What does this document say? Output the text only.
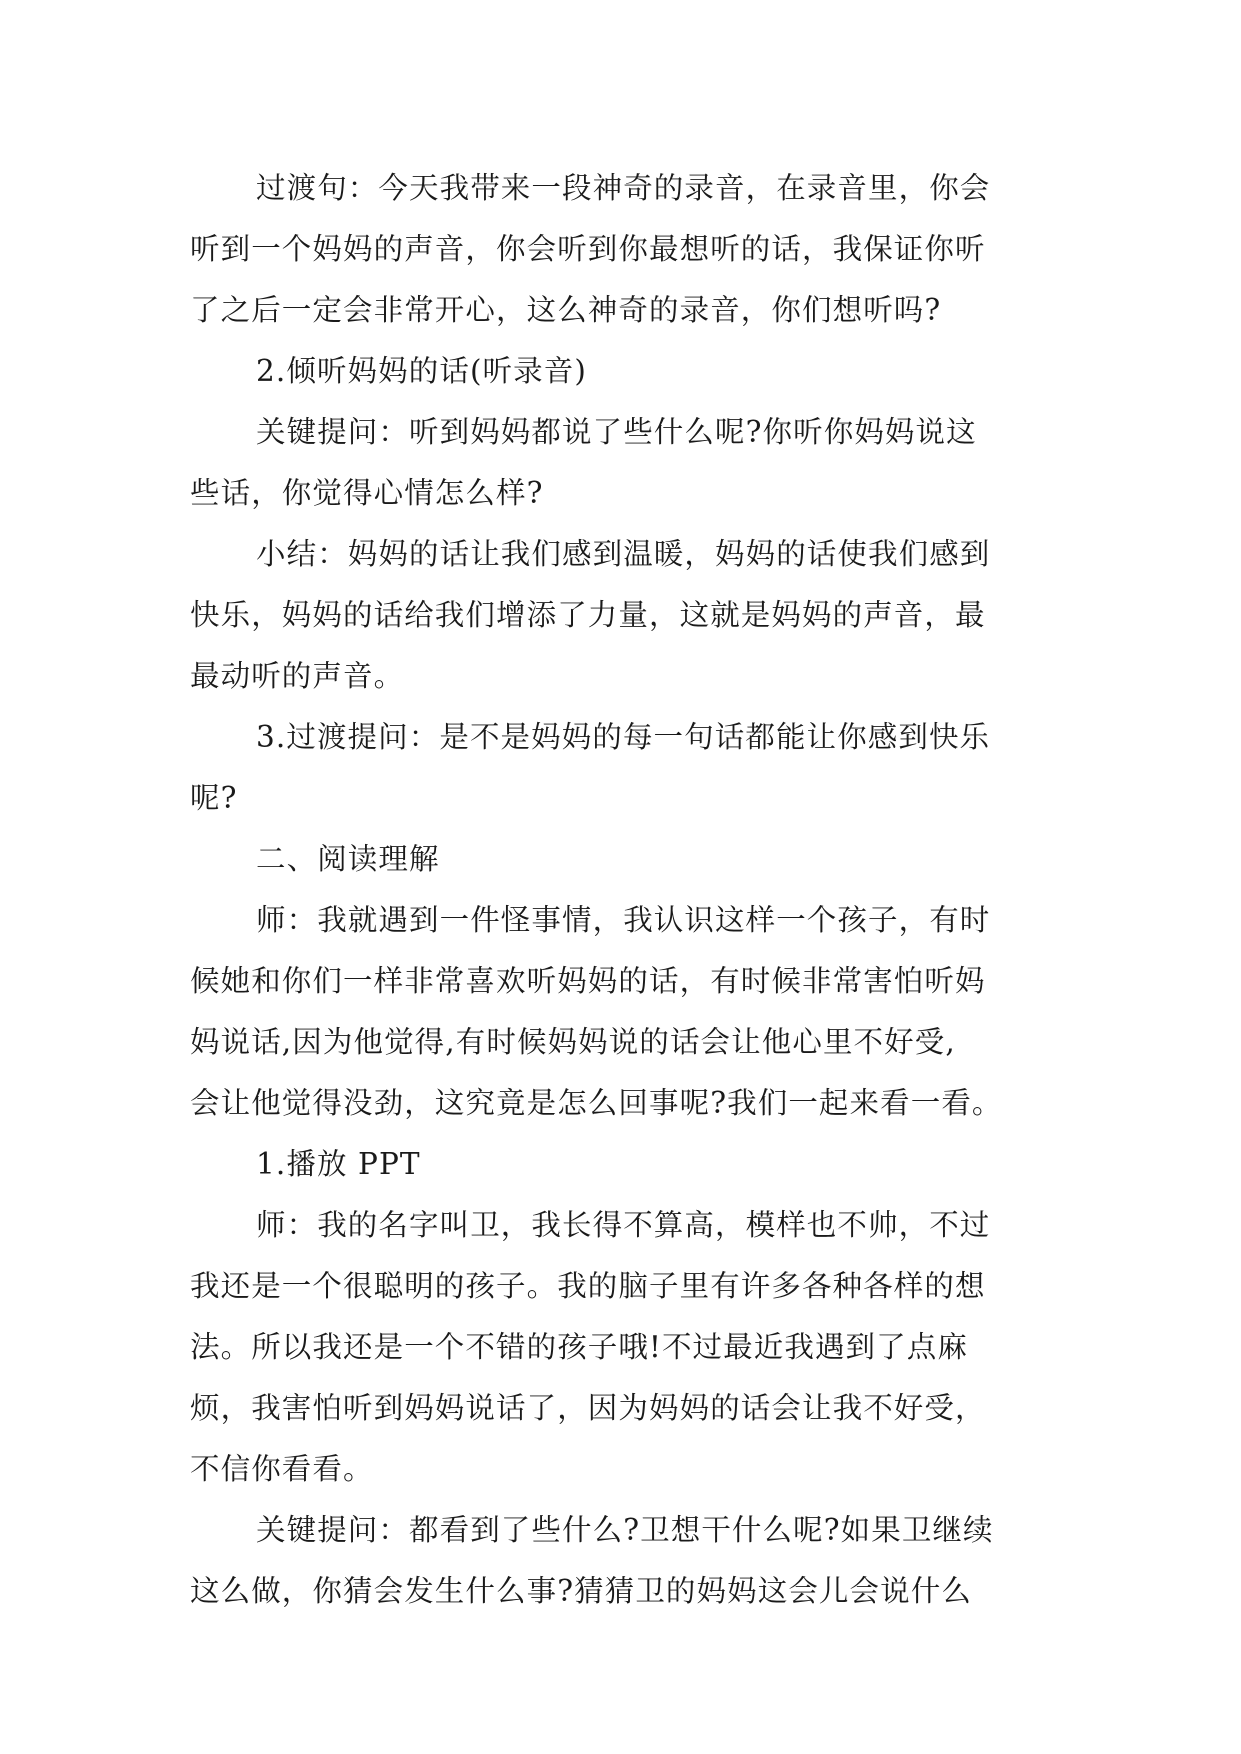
过渡句：今天我带来一段神奇的录音，在录音里，你会
听到一个妈妈的声音，你会听到你最想听的话，我保证你听
了之后一定会非常开心，这么神奇的录音，你们想听吗?
2.倾听妈妈的话(听录音)
关键提问：听到妈妈都说了些什么呢?你听你妈妈说这
些话，你觉得心情怎么样?
小结：妈妈的话让我们感到温暖，妈妈的话使我们感到
快乐，妈妈的话给我们增添了力量，这就是妈妈的声音，最
最动听的声音。
3.过渡提问：是不是妈妈的每一句话都能让你感到快乐
呢?
二、阅读理解
师：我就遇到一件怪事情，我认识这样一个孩子，有时
候她和你们一样非常喜欢听妈妈的话，有时候非常害怕听妈
妈说话,因为他觉得,有时候妈妈说的话会让他心里不好受,
会让他觉得没劲，这究竟是怎么回事呢?我们一起来看一看。
1.播放 PPT
师：我的名字叫卫，我长得不算高，模样也不帅，不过
我还是一个很聪明的孩子。我的脑子里有许多各种各样的想
法。所以我还是一个不错的孩子哦!不过最近我遇到了点麻
烦，我害怕听到妈妈说话了，因为妈妈的话会让我不好受，
不信你看看。
关键提问：都看到了些什么?卫想干什么呢?如果卫继续
这么做，你猜会发生什么事?猜猜卫的妈妈这会儿会说什么
